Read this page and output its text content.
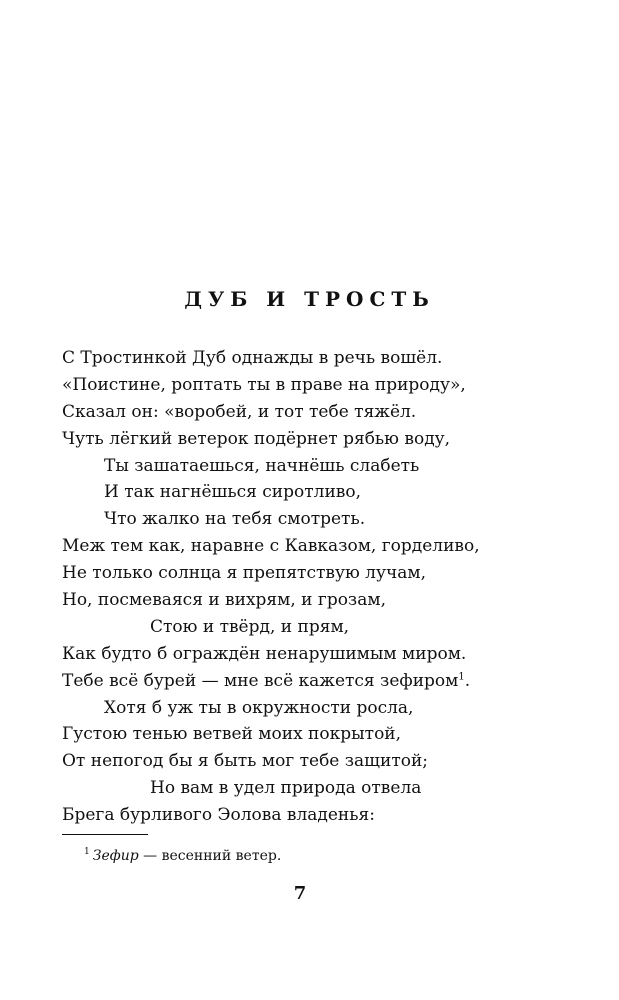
ДУБ И ТРОСТЬ
С Тростинкой Дуб однажды в речь вошёл.
«Поистине, роптать ты в праве на природу»,
Сказал он: «воробей, и тот тебе тяжёл.
Чуть лёгкий ветерок подёрнет рябью воду,
Ты зашатаешься, начнёшь слабеть
И так нагнёшься сиротливо,
Что жалко на тебя смотреть.
Меж тем как, наравне с Кавказом, горделиво,
Не только солнца я препятствую лучам,
Но, посмеваяся и вихрям, и грозам,
Стою и твёрд, и прям,
Как будто б ограждён ненарушимым миром.
Тебе всё бурей — мне всё кажется зефиром$^1$.
Хотя б уж ты в окружности росла,
Густою тенью ветвей моих покрытой,
От непогод бы я быть мог тебе защитой;
Но вам в удел природа отвела
Брега бурливого Эолова владенья:
$^1$ Зефир — весенний ветер.
7
